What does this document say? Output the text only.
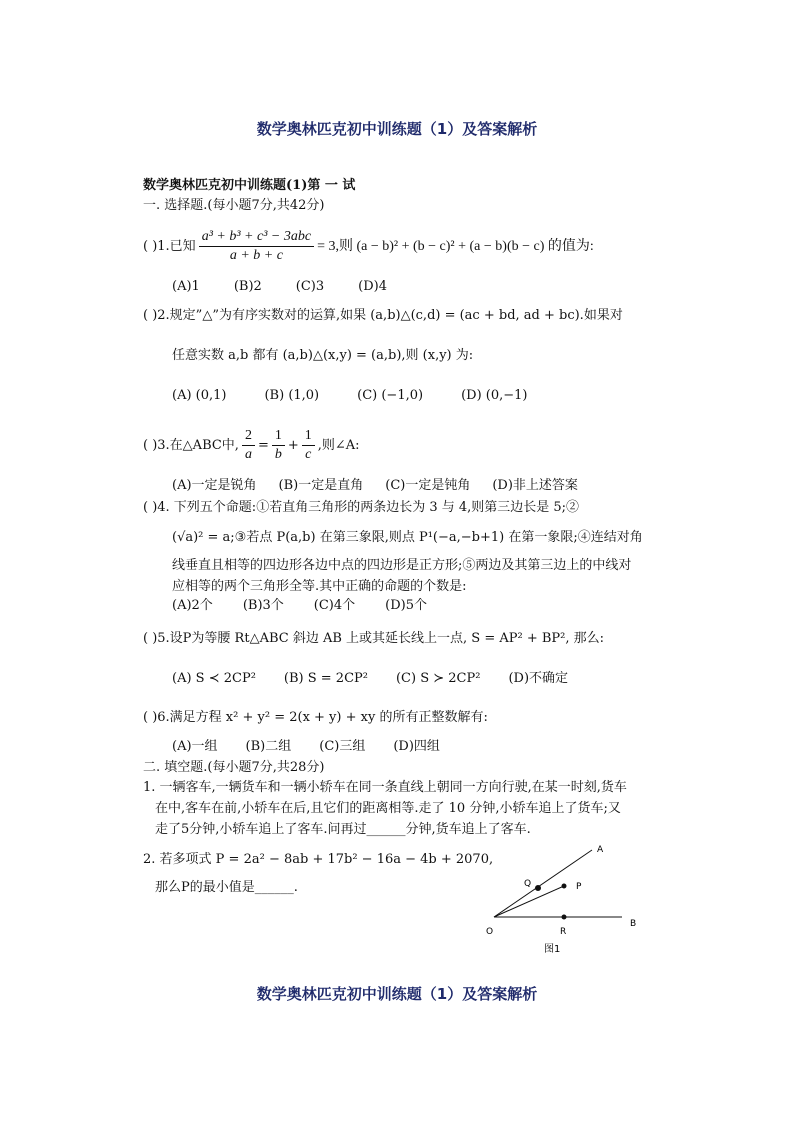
数学奥林匹克初中训练题（1）及答案解析
数学奥林匹克初中训练题(1)第 一 试
一. 选择题.(每小题7分,共42分)
( )1.已知 $\frac{\text{a³ + b³ + c³ − 3abc}}{a + b + c} = 3$,则 (a − b)² + (b − c)² + (a − b)(b − c) 的值为:
(A)1	(B)2	(C)3	(D)4
( )2.规定”△”为有序实数对的运算,如果 (a,b)△(c,d) = (ac + bd, ad + bc).如果对
任意实数 a,b 都有 (a,b)△(x,y) = (a,b),则 (x,y) 为:
(A) (0,1)	(B) (1,0)	(C) (−1,0)	(D) (0,−1)
( )3.在△ABC中, $\frac{2}{a} = \frac{1}{b} + \frac{1}{c}$ ,则∠A:
(A)一定是锐角 (B)一定是直角 (C)一定是钝角 (D)非上述答案
( )4. 下列五个命题:①若直角三角形的两条边长为 3 与 4,则第三边长是 5;②
(√a)² = a;③若点 P(a,b) 在第三象限,则点 P¹(−a,−b+1) 在第一象限;④连结对角
线垂直且相等的四边形各边中点的四边形是正方形;⑤两边及其第三边上的中线对
应相等的两个三角形全等.其中正确的命题的个数是:
(A)2个 (B)3个 (C)4个 (D)5个
( )5.设P为等腰 Rt△ABC 斜边 AB 上或其延长线上一点, S = AP² + BP², 那么:
(A) S ≺ 2CP² (B) S = 2CP² (C) S ≻ 2CP² (D)不确定
( )6.满足方程 x² + y² = 2(x + y) + xy 的所有正整数解有:
(A)一组 (B)二组 (C)三组 (D)四组
二. 填空题.(每小题7分,共28分)
1. 一辆客车,一辆货车和一辆小轿车在同一条直线上朝同一方向行驶,在某一时刻,货车
在中,客车在前,小轿车在后,且它们的距离相等.走了 10 分钟,小轿车追上了货车;又
走了5分钟,小轿车追上了客车.问再过______分钟,货车追上了客车.
2. 若多项式 P = 2a² − 8ab + 17b² − 16a − 4b + 2070,
那么P的最小值是______.
A
B
O
P
Q
R
图1
数学奥林匹克初中训练题（1）及答案解析
